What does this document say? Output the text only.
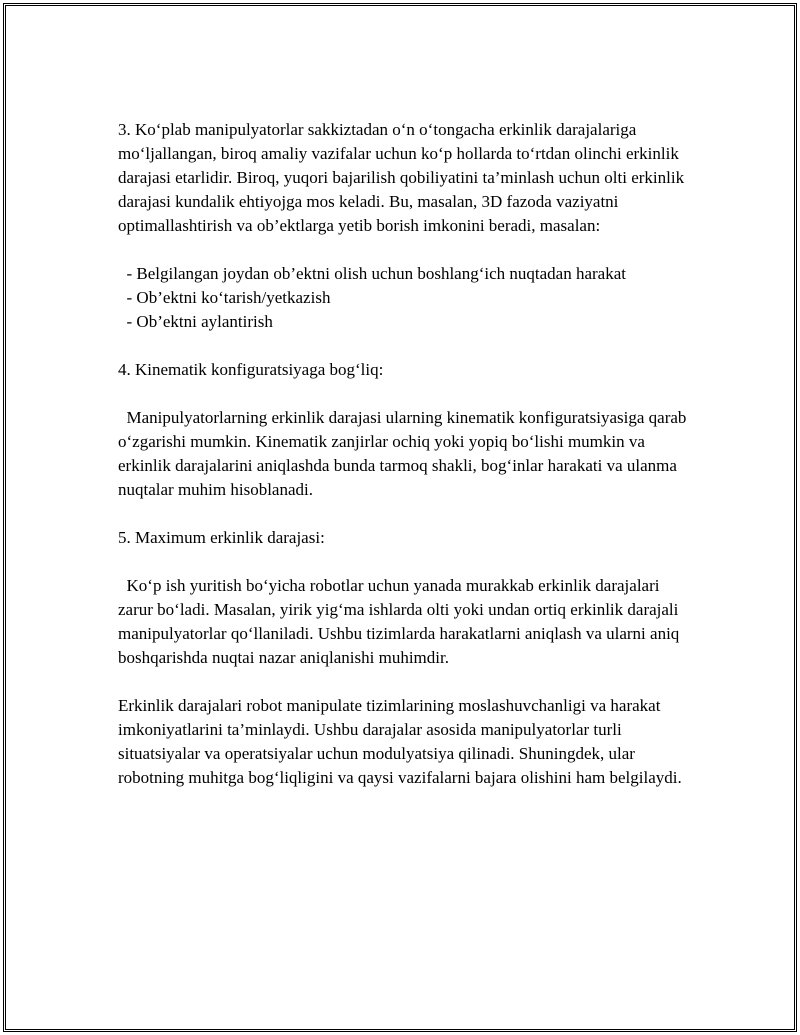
3. Ko‘plab manipulyatorlar sakkiztadan o‘n o‘tongacha erkinlik darajalariga mo‘ljallangan, biroq amaliy vazifalar uchun ko‘p hollarda to‘rtdan olinchi erkinlik darajasi etarlidir. Biroq, yuqori bajarilish qobiliyatini ta’minlash uchun olti erkinlik darajasi kundalik ehtiyojga mos keladi. Bu, masalan, 3D fazoda vaziyatni optimallashtirish va ob’ektlarga yetib borish imkonini beradi, masalan:

- Belgilangan joydan ob’ektni olish uchun boshlang‘ich nuqtadan harakat
- Ob’ektni ko‘tarish/yetkazish
- Ob’ektni aylantirish

4. Kinematik konfiguratsiyaga bog‘liq:

Manipulyatorlarning erkinlik darajasi ularning kinematik konfiguratsiyasiga qarab o‘zgarishi mumkin. Kinematik zanjirlar ochiq yoki yopiq bo‘lishi mumkin va erkinlik darajalarini aniqlashda bunda tarmoq shakli, bog‘inlar harakati va ulanma nuqtalar muhim hisoblanadi.

5. Maximum erkinlik darajasi:

Ko‘p ish yuritish bo‘yicha robotlar uchun yanada murakkab erkinlik darajalari zarur bo‘ladi. Masalan, yirik yig‘ma ishlarda olti yoki undan ortiq erkinlik darajali manipulyatorlar qo‘llaniladi. Ushbu tizimlarda harakatlarni aniqlash va ularni aniq boshqarishda nuqtai nazar aniqlanishi muhimdir.

Erkinlik darajalari robot manipulate tizimlarining moslashuvchanligi va harakat imkoniyatlarini ta’minlaydi. Ushbu darajalar asosida manipulyatorlar turli situatsiyalar va operatsiyalar uchun modulyatsiya qilinadi. Shuningdek, ular robotning muhitga bog‘liqligini va qaysi vazifalarni bajara olishini ham belgilaydi.
